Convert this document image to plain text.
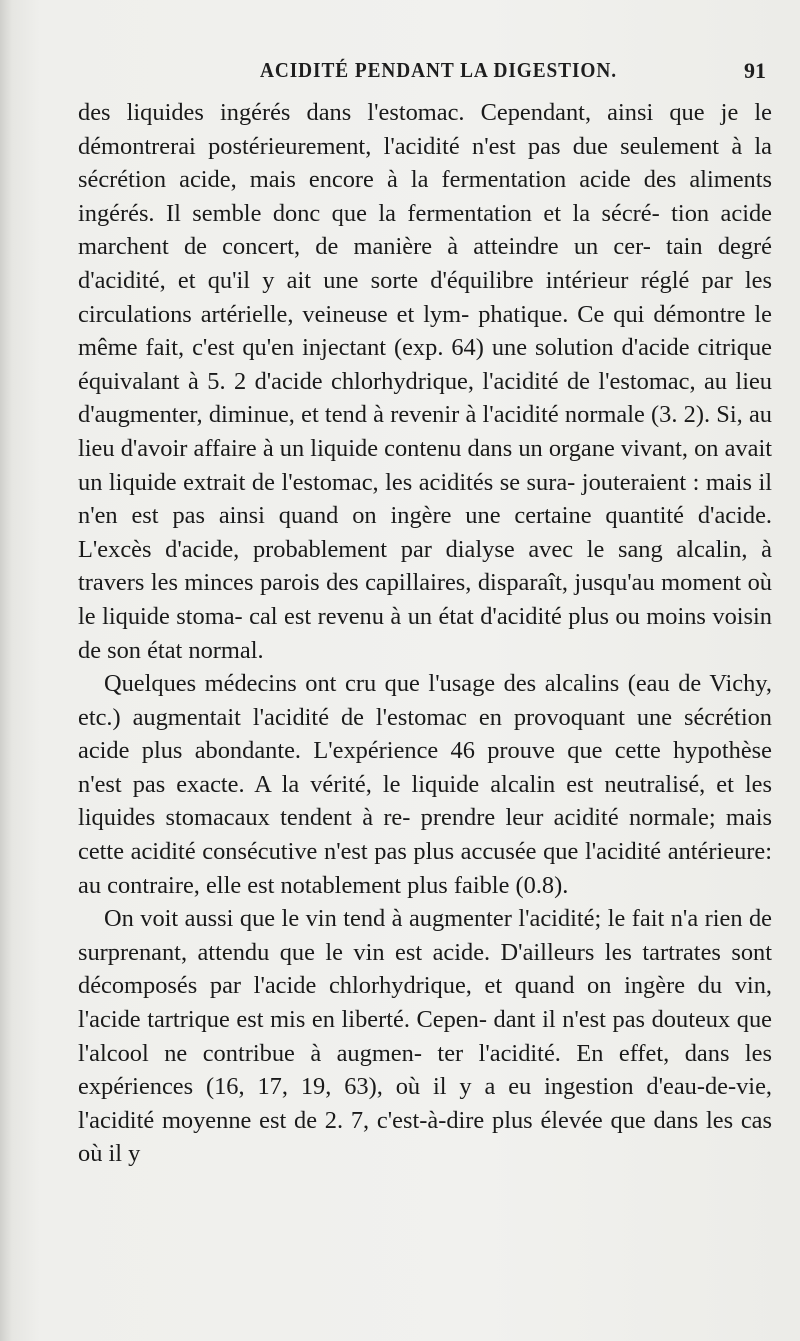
ACIDITÉ PENDANT LA DIGESTION.	91

des liquides ingérés dans l'estomac. Cependant, ainsi que je le démontrerai postérieurement, l'acidité n'est pas due seulement à la sécrétion acide, mais encore à la fermentation acide des aliments ingérés. Il semble donc que la fermentation et la sécré- tion acide marchent de concert, de manière à atteindre un cer- tain degré d'acidité, et qu'il y ait une sorte d'équilibre intérieur réglé par les circulations artérielle, veineuse et lym- phatique. Ce qui démontre le même fait, c'est qu'en injectant (exp. 64) une solution d'acide citrique équivalant à 5. 2 d'acide chlorhydrique, l'acidité de l'estomac, au lieu d'augmenter, diminue, et tend à revenir à l'acidité normale (3. 2). Si, au lieu d'avoir affaire à un liquide contenu dans un organe vivant, on avait un liquide extrait de l'estomac, les acidités se sura- jouteraient : mais il n'en est pas ainsi quand on ingère une certaine quantité d'acide. L'excès d'acide, probablement par dialyse avec le sang alcalin, à travers les minces parois des capillaires, disparaît, jusqu'au moment où le liquide stoma- cal est revenu à un état d'acidité plus ou moins voisin de son état normal.

Quelques médecins ont cru que l'usage des alcalins (eau de Vichy, etc.) augmentait l'acidité de l'estomac en provoquant une sécrétion acide plus abondante. L'expérience 46 prouve que cette hypothèse n'est pas exacte. A la vérité, le liquide alcalin est neutralisé, et les liquides stomacaux tendent à re- prendre leur acidité normale; mais cette acidité consécutive n'est pas plus accusée que l'acidité antérieure: au contraire, elle est notablement plus faible (0.8).

On voit aussi que le vin tend à augmenter l'acidité; le fait n'a rien de surprenant, attendu que le vin est acide. D'ailleurs les tartrates sont décomposés par l'acide chlorhydrique, et quand on ingère du vin, l'acide tartrique est mis en liberté. Cepen- dant il n'est pas douteux que l'alcool ne contribue à augmen- ter l'acidité. En effet, dans les expériences (16, 17, 19, 63), où il y a eu ingestion d'eau-de-vie, l'acidité moyenne est de 2. 7, c'est-à-dire plus élevée que dans les cas où il y
